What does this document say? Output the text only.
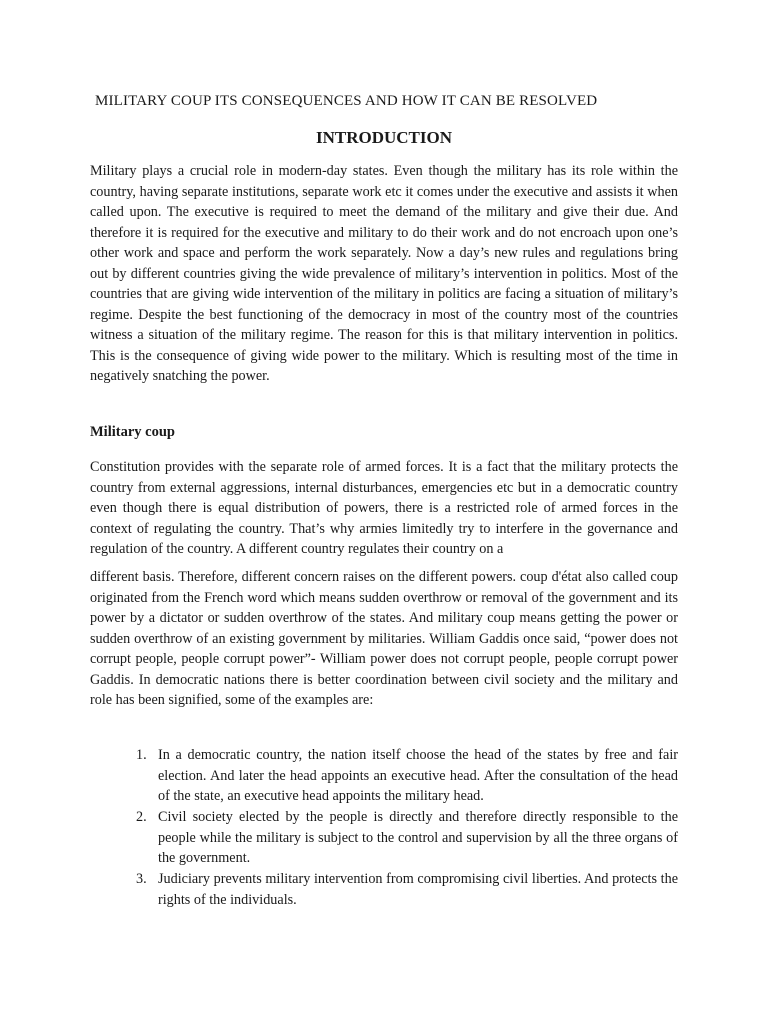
MILITARY COUP ITS CONSEQUENCES AND HOW IT CAN BE RESOLVED
INTRODUCTION

Military plays a crucial role in modern-day states. Even though the military has its role within the country, having separate institutions, separate work etc it comes under the executive and assists it when called upon. The executive is required to meet the demand of the military and give their due. And therefore it is required for the executive and military to do their work and do not encroach upon one’s other work and space and perform the work separately. Now a day’s new rules and regulations bring out by different countries giving the wide prevalence of military’s intervention in politics. Most of the countries that are giving wide intervention of the military in politics are facing a situation of military’s regime. Despite the best functioning of the democracy in most of the country most of the countries witness a situation of the military regime. The reason for this is that military intervention in politics. This is the consequence of giving wide power to the military. Which is resulting most of the time in negatively snatching the power.

Military coup

Constitution provides with the separate role of armed forces. It is a fact that the military protects the country from external aggressions, internal disturbances, emergencies etc but in a democratic country even though there is equal distribution of powers, there is a restricted role of armed forces in the context of regulating the country. That’s why armies limitedly try to interfere in the governance and regulation of the country. A different country regulates their country on a

different basis. Therefore, different concern raises on the different powers. coup d'état also called coup originated from the French word which means sudden overthrow or removal of the government and its power by a dictator or sudden overthrow of the states. And military coup means getting the power or sudden overthrow of an existing government by militaries. William Gaddis once said, “power does not corrupt people, people corrupt power”- William power does not corrupt people, people corrupt power Gaddis. In democratic nations there is better coordination between civil society and the military and role has been signified, some of the examples are:

1. In a democratic country, the nation itself choose the head of the states by free and fair election. And later the head appoints an executive head. After the consultation of the head of the state, an executive head appoints the military head.
2. Civil society elected by the people is directly and therefore directly responsible to the people while the military is subject to the control and supervision by all the three organs of the government.
3. Judiciary prevents military intervention from compromising civil liberties. And protects the rights of the individuals.
